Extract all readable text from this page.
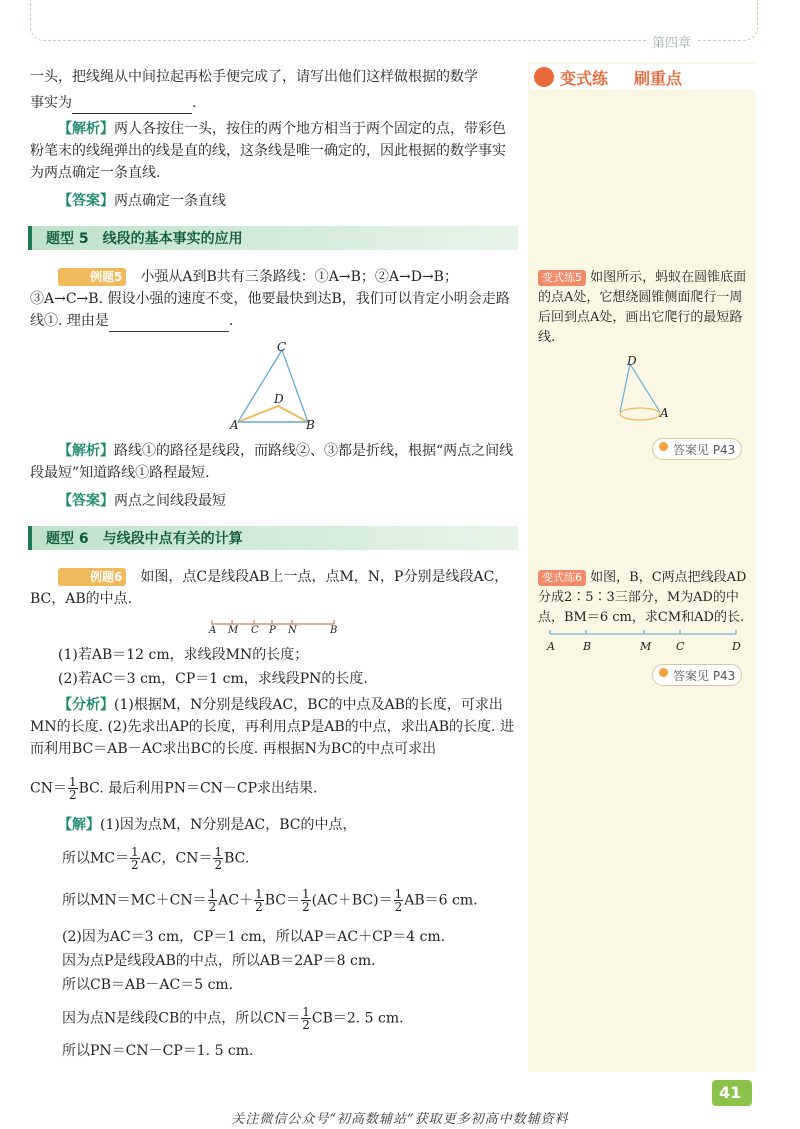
第四章
一头，把线绳从中间拉起再松手便完成了，请写出他们这样做根据的数学
事实为	.
【解析】两人各按住一头，按住的两个地方相当于两个固定的点，带彩色粉笔末的线绳弹出的线是直的线，这条线是唯一确定的，因此根据的数学事实为两点确定一条直线.
【答案】两点确定一条直线
题型 5　线段的基本事实的应用
例题5　 小强从A到B共有三条路线：①A→B；②A→D→B；③A→C→B. 假设小强的速度不变，他要最快到达B，我们可以肯定小明会走路线①. 理由是	.
C
D
A	B
【解析】路线①的路径是线段，而路线②、③都是折线，根据“两点之间线段最短”知道路线①路程最短.
【答案】两点之间线段最短
题型 6　与线段中点有关的计算
例题6　 如图，点C是线段AB上一点，点M，N，P分别是线段AC，BC，AB的中点.
A M C P N	B
(1)若AB＝12 cm，求线段MN的长度；
(2)若AC＝3 cm，CP＝1 cm，求线段PN的长度.
【分析】(1)根据M，N分别是线段AC，BC的中点及AB的长度，可求出MN的长度. (2)先求出AP的长度，再利用点P是AB的中点，求出AB的长度. 进而利用BC＝AB－AC求出BC的长度. 再根据N为BC的中点可求出
$CN= \frac{1}{2}$ BC. 最后利用PN＝CN－CP求出结果.
【解】(1)因为点M，N分别是AC，BC的中点，
所以$MC= \frac{1}{2}$ AC，$CN= \frac{1}{2}$ BC.
所以$MN=MC+CN= \frac{1}{2} AC+ \frac{1}{2} BC= \frac{1}{2} (AC+BC)= \frac{1}{2} AB=6$ cm.
(2)因为AC＝3 cm，CP＝1 cm，所以AP＝AC＋CP＝4 cm.
因为点P是线段AB的中点，所以AB＝2AP＝8 cm.
所以CB＝AB－AC＝5 cm.
因为点N是线段CB的中点，所以$CN= \frac{1}{2} CB=2$. 5 cm.
所以PN＝CN－CP＝1. 5 cm.
变式练 刷重点
变式练5 如图所示，蚂蚁在圆锥底面的点A处，它想绕圆锥侧面爬行一周后回到点A处，画出它爬行的最短路线.
D
A
答案见 P43
变式练6 如图，B，C两点把线段AD分成2∶5∶3三部分，M为AD的中点，BM＝6 cm，求CM和AD的长.
A	B	M C	D
答案见 P43
41
关注微信公众号“初高数辅站”获取更多初高中数辅资料
